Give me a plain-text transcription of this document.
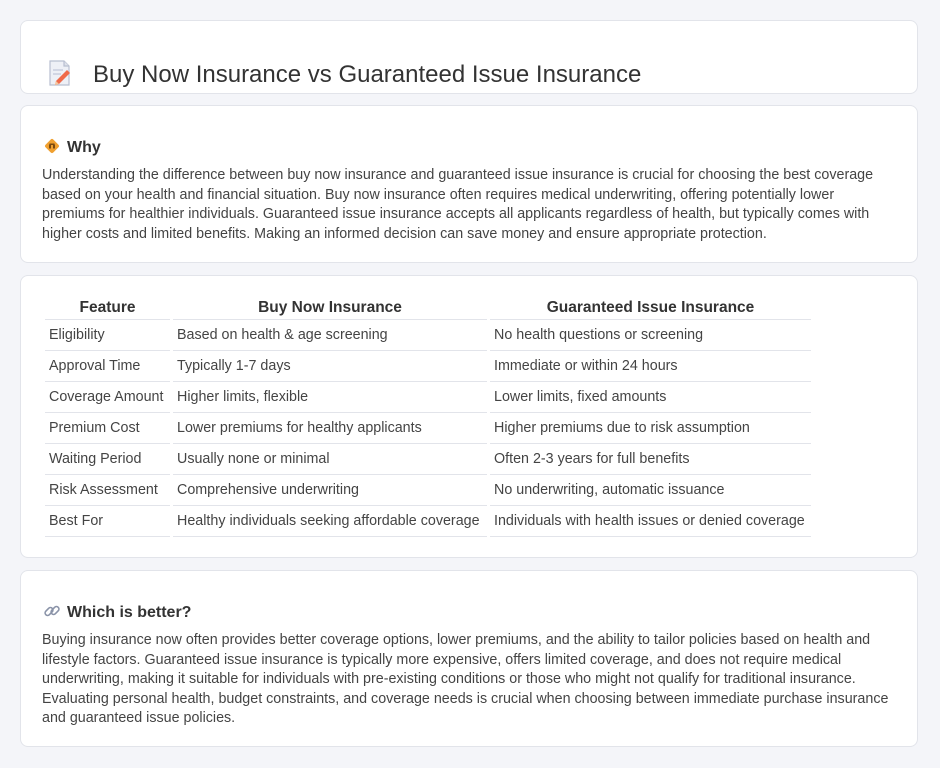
Buy Now Insurance vs Guaranteed Issue Insurance
Why

Understanding the difference between buy now insurance and guaranteed issue insurance is crucial for choosing the best coverage based on your health and financial situation. Buy now insurance often requires medical underwriting, offering potentially lower premiums for healthier individuals. Guaranteed issue insurance accepts all applicants regardless of health, but typically comes with higher costs and limited benefits. Making an informed decision can save money and ensure appropriate protection.

Feature	Buy Now Insurance	Guaranteed Issue Insurance
Eligibility	Based on health & age screening	No health questions or screening
Approval Time	Typically 1-7 days	Immediate or within 24 hours
Coverage Amount	Higher limits, flexible	Lower limits, fixed amounts
Premium Cost	Lower premiums for healthy applicants	Higher premiums due to risk assumption
Waiting Period	Usually none or minimal	Often 2-3 years for full benefits
Risk Assessment	Comprehensive underwriting	No underwriting, automatic issuance
Best For	Healthy individuals seeking affordable coverage	Individuals with health issues or denied coverage
Which is better?

Buying insurance now often provides better coverage options, lower premiums, and the ability to tailor policies based on health and lifestyle factors. Guaranteed issue insurance is typically more expensive, offers limited coverage, and does not require medical underwriting, making it suitable for individuals with pre-existing conditions or those who might not qualify for traditional insurance. Evaluating personal health, budget constraints, and coverage needs is crucial when choosing between immediate purchase insurance and guaranteed issue policies.
